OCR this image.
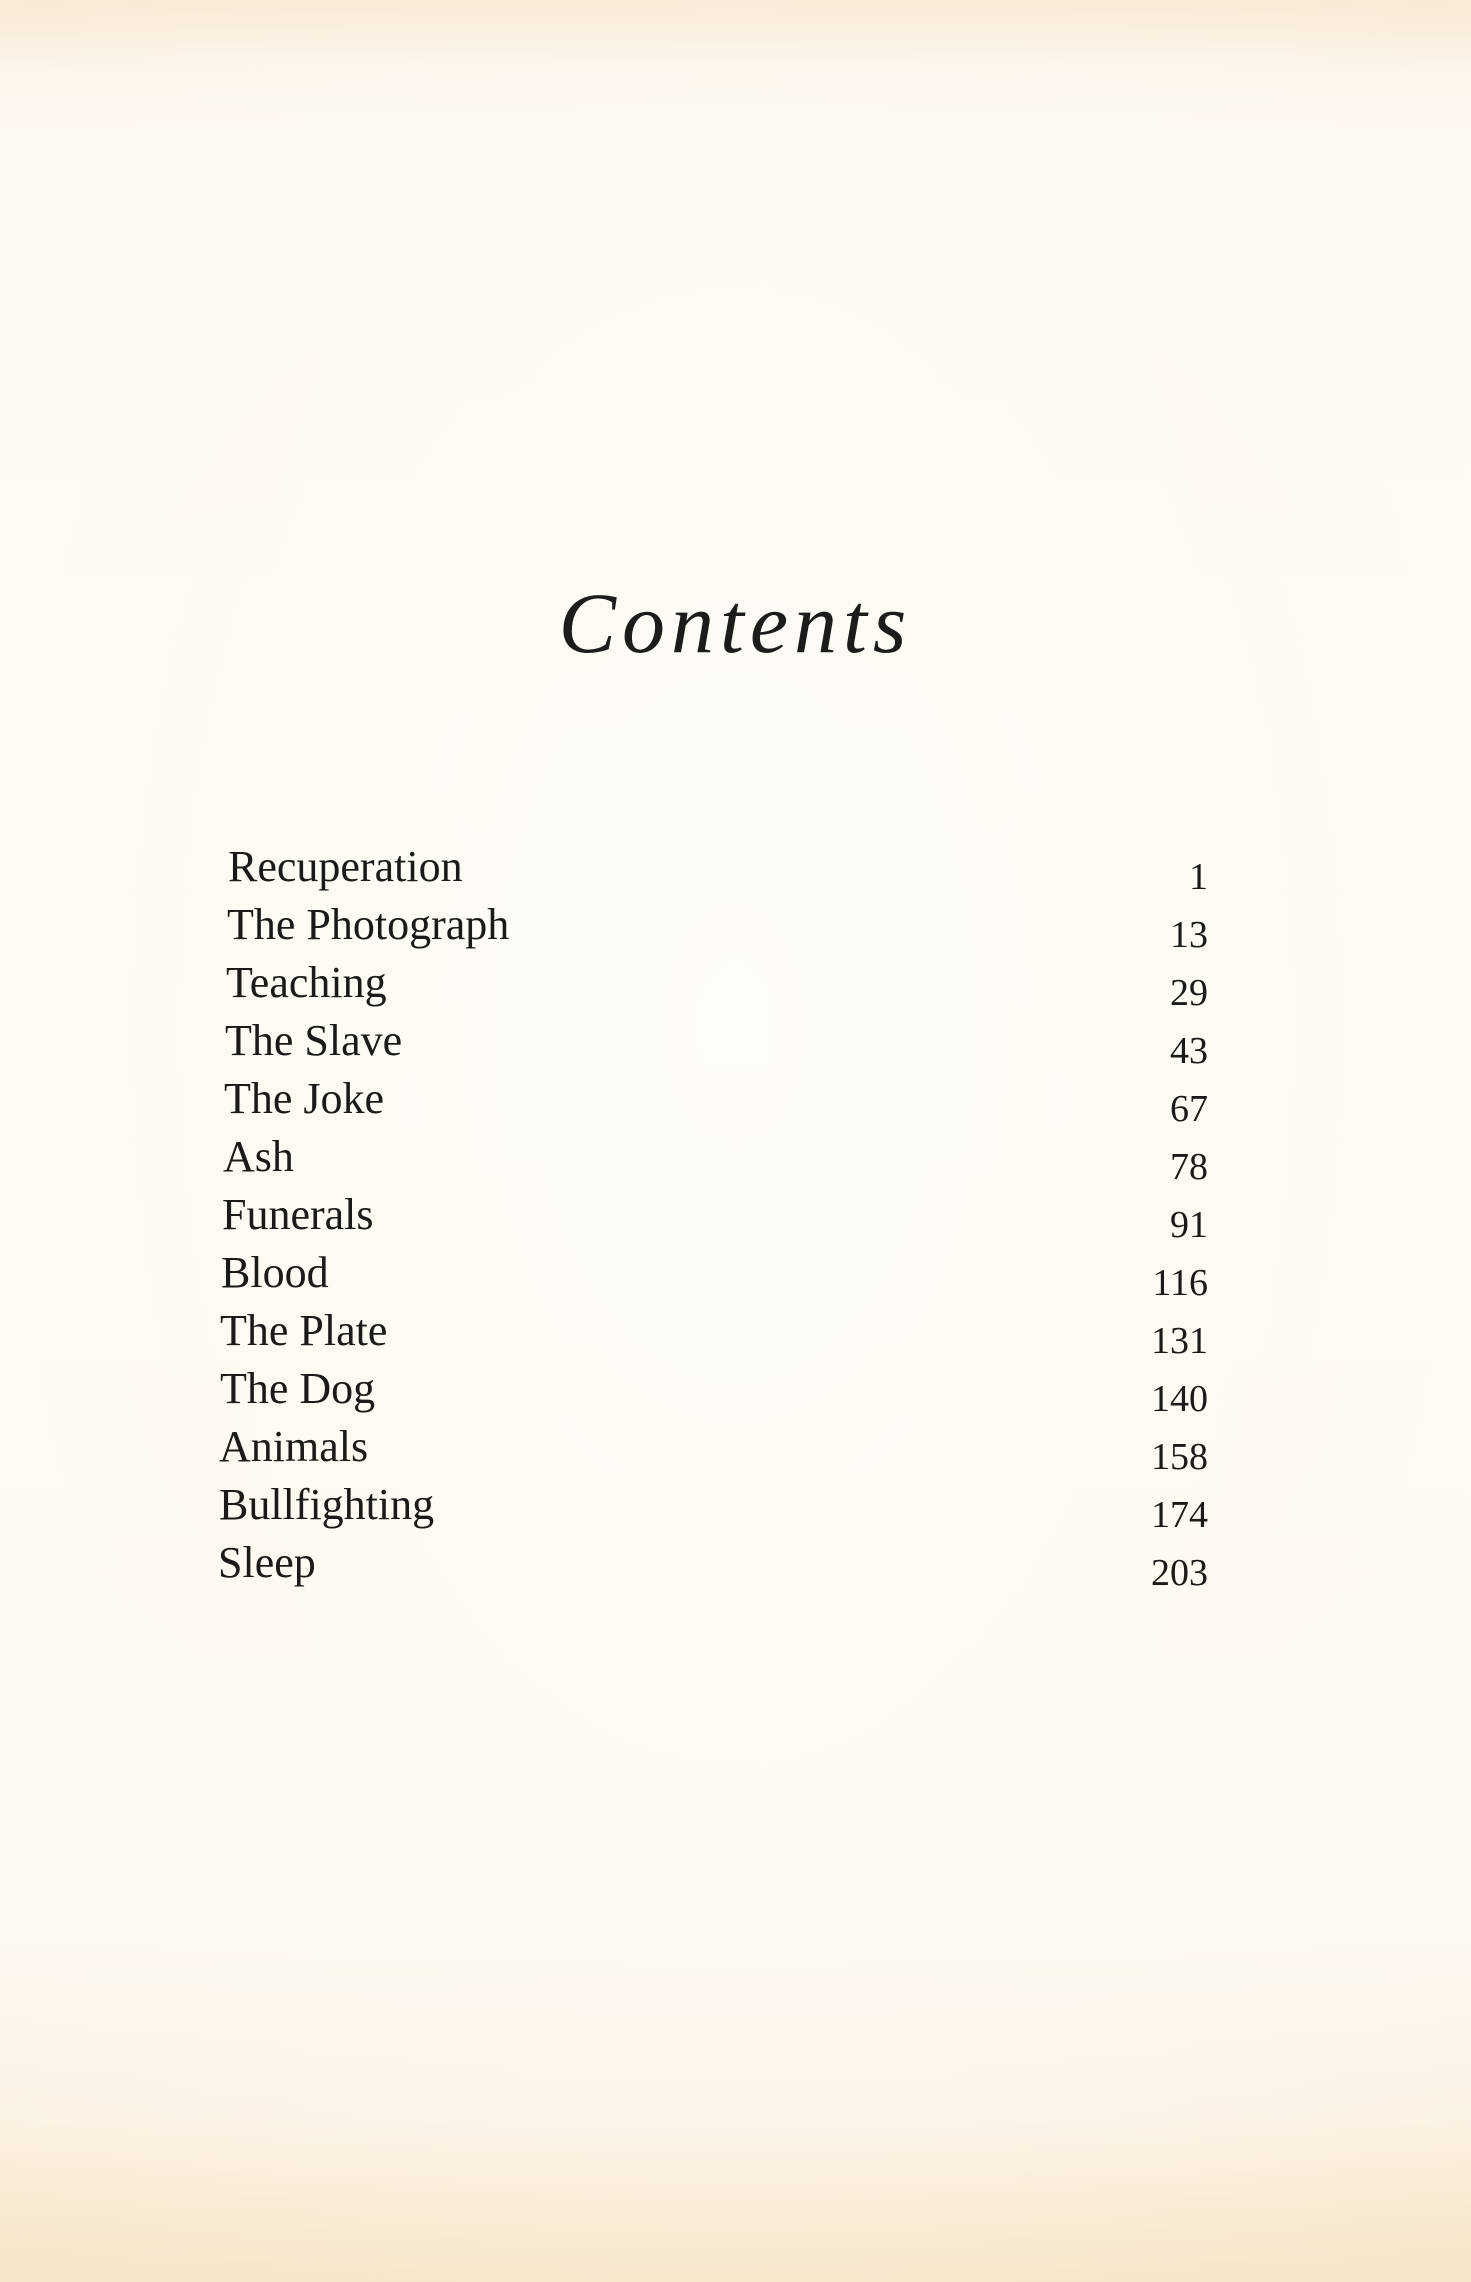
Contents
Recuperation	1
The Photograph	13
Teaching	29
The Slave	43
The Joke	67
Ash	78
Funerals	91
Blood	116
The Plate	131
The Dog	140
Animals	158
Bullfighting	174
Sleep	203
